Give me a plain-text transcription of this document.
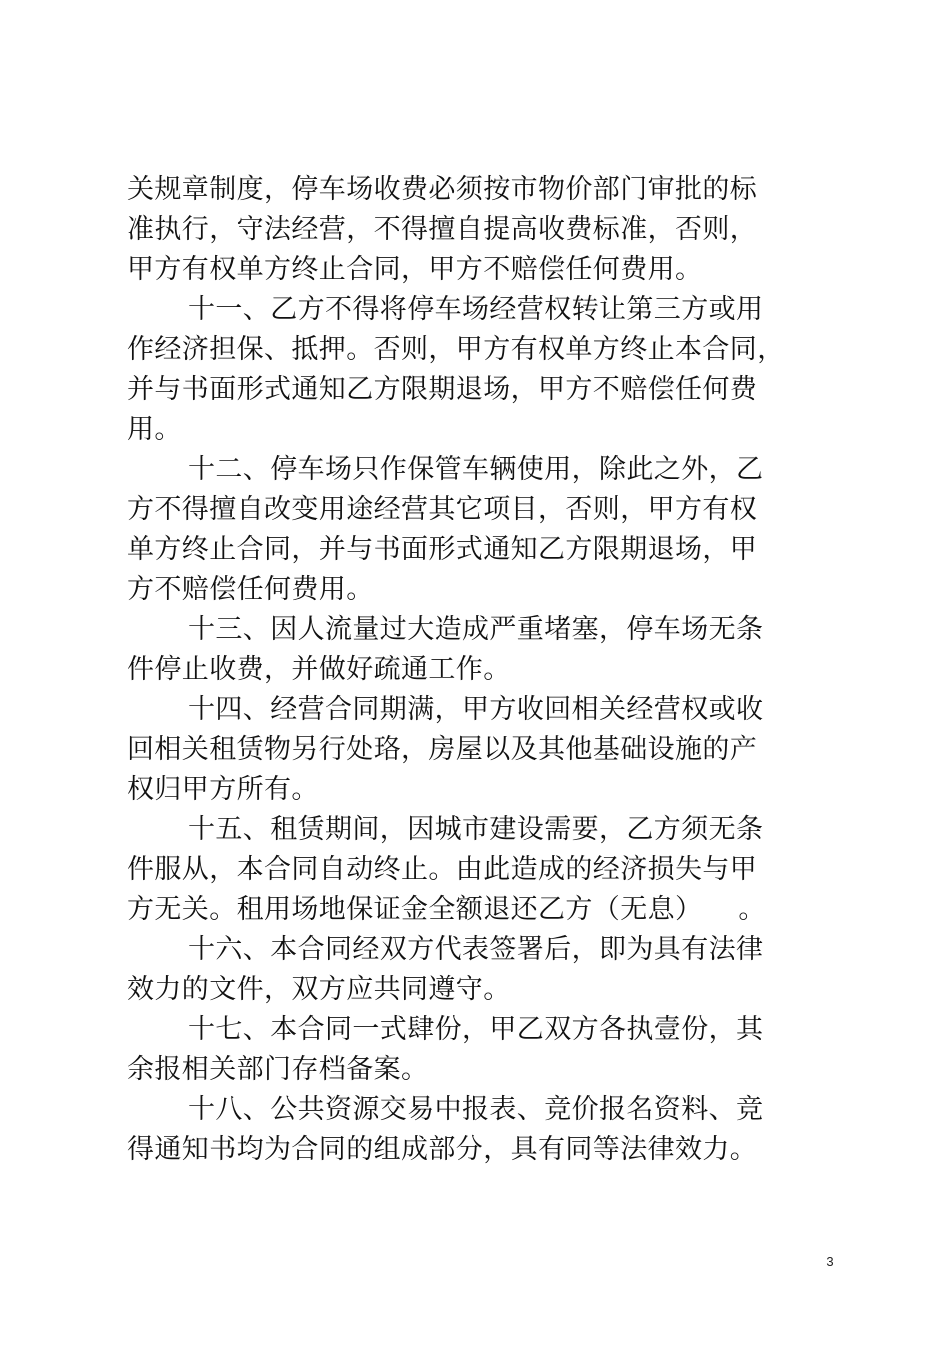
关规章制度，停车场收费必须按市物价部门审批的标
准执行，守法经营，不得擅自提高收费标准，否则，
甲方有权单方终止合同，甲方不赔偿任何费用。
十一、乙方不得将停车场经营权转让第三方或用
作经济担保、抵押。否则，甲方有权单方终止本合同，
并与书面形式通知乙方限期退场，甲方不赔偿任何费
用。
十二、停车场只作保管车辆使用，除此之外，乙
方不得擅自改变用途经营其它项目，否则，甲方有权
单方终止合同，并与书面形式通知乙方限期退场，甲
方不赔偿任何费用。
十三、因人流量过大造成严重堵塞，停车场无条
件停止收费，并做好疏通工作。
十四、经营合同期满，甲方收回相关经营权或收
回相关租赁物另行处珞，房屋以及其他基础设施的产
权归甲方所有。
十五、租赁期间，因城市建设需要，乙方须无条
件服从，本合同自动终止。由此造成的经济损失与甲
方无关。租用场地保证金全额退还乙方（无息）    。
十六、本合同经双方代表签署后，即为具有法律
效力的文件，双方应共同遵守。
十七、本合同一式肆份，甲乙双方各执壹份，其
余报相关部门存档备案。
十八、公共资源交易中报表、竞价报名资料、竞
得通知书均为合同的组成部分，具有同等法律效力。
3
